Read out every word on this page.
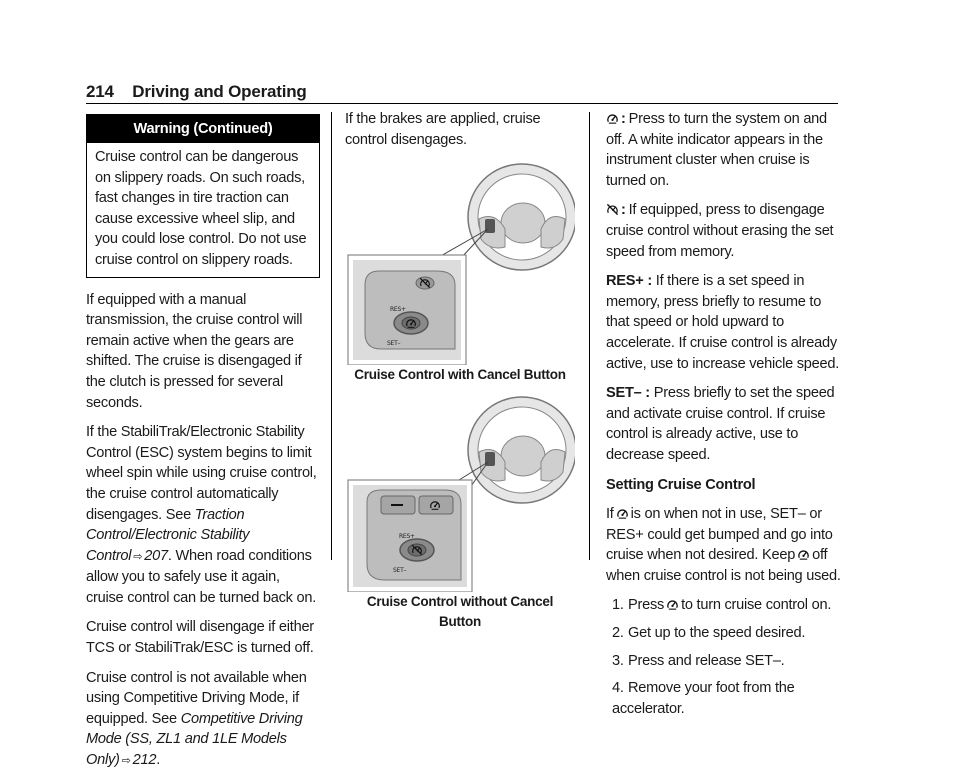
214 Driving and Operating
Warning (Continued)

Cruise control can be dangerous on slippery roads. On such roads, fast changes in tire traction can cause excessive wheel slip, and you could lose control. Do not use cruise control on slippery roads.

If equipped with a manual transmission, the cruise control will remain active when the gears are shifted. The cruise is disengaged if the clutch is pressed for several seconds.

If the StabiliTrak/Electronic Stability Control (ESC) system begins to limit wheel spin while using cruise control, the cruise control automatically disengages. See Traction Control/Electronic Stability Control ⇨ 207. When road conditions allow you to safely use it again, cruise control can be turned back on.

Cruise control will disengage if either TCS or StabiliTrak/ESC is turned off.

Cruise control is not available when using Competitive Driving Mode, if equipped. See Competitive Driving Mode (SS, ZL1 and 1LE Models Only) ⇨ 212.

If the brakes are applied, cruise control disengages.

RES+
SET–
Cruise Control with Cancel Button
RES+
SET–
Cruise Control without Cancel Button

: Press to turn the system on and off. A white indicator appears in the instrument cluster when cruise is turned on.

: If equipped, press to disengage cruise control without erasing the set speed from memory.

RES+ : If there is a set speed in memory, press briefly to resume to that speed or hold upward to accelerate. If cruise control is already active, use to increase vehicle speed.

SET– : Press briefly to set the speed and activate cruise control. If cruise control is already active, use to decrease speed.

Setting Cruise Control

If is on when not in use, SET– or RES+ could get bumped and go into cruise when not desired. Keep off when cruise control is not being used.

1. Press to turn cruise control on.
2. Get up to the speed desired.
3. Press and release SET–.
4. Remove your foot from the accelerator.
